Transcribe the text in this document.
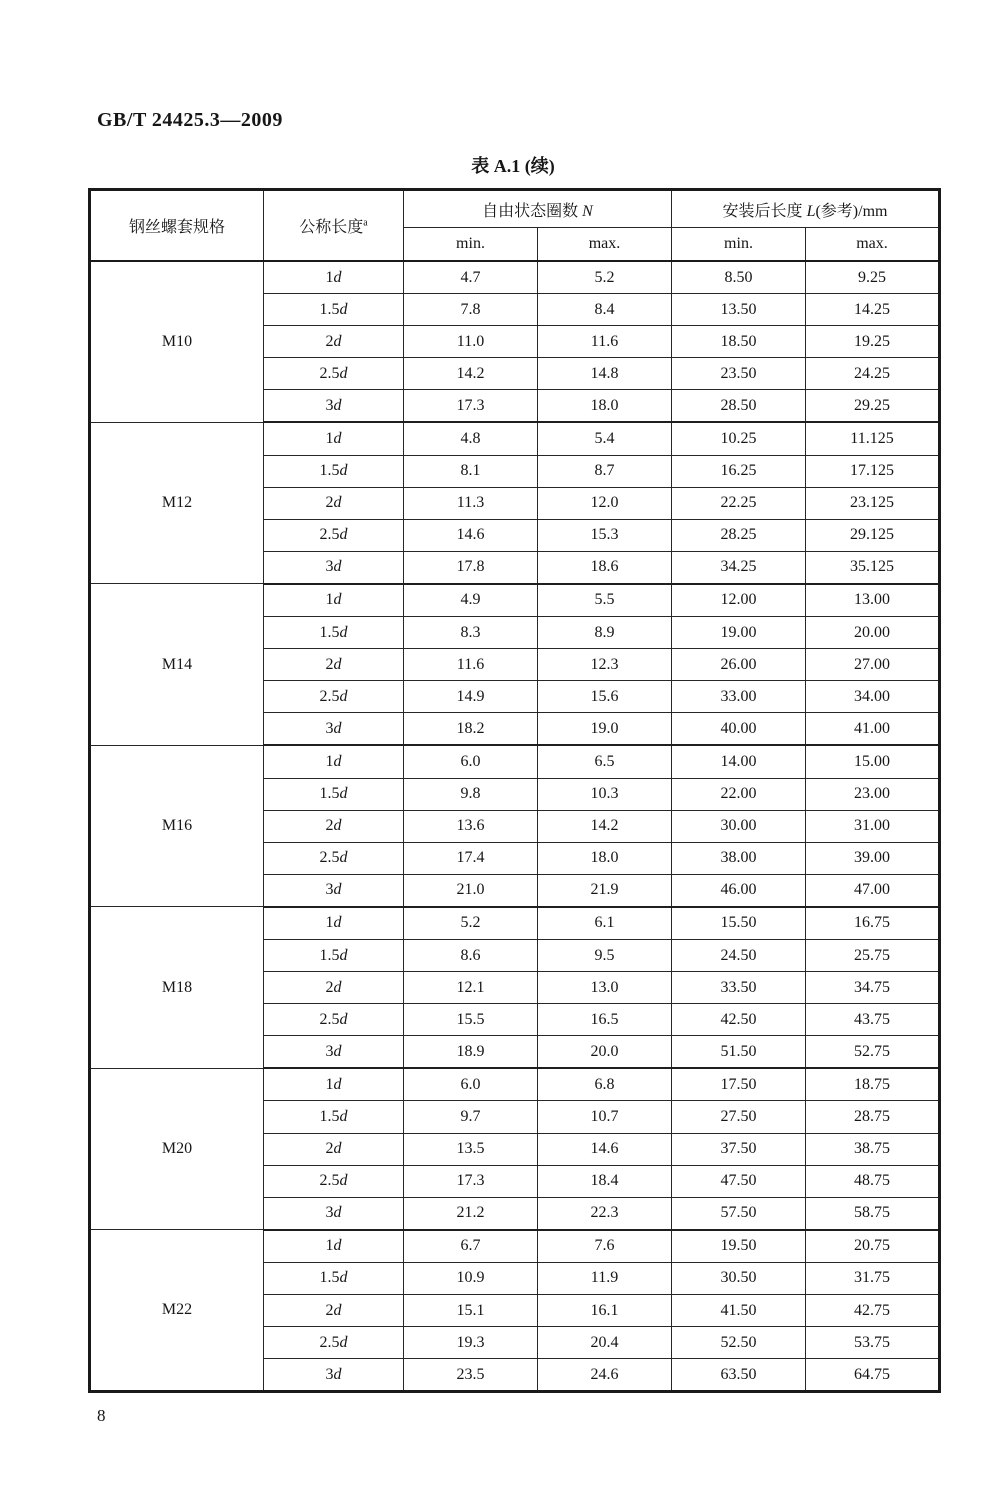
GB/T 24425.3—2009
表 A.1 (续)
钢丝螺套规格	公称长度$^a$	自由状态圈数 N		安装后长度 L(参考)/mm	
		min.	max.	min.	max.
M10	1d	4.7	5.2	8.50	9.25
	1.5d	7.8	8.4	13.50	14.25
	2d	11.0	11.6	18.50	19.25
	2.5d	14.2	14.8	23.50	24.25
	3d	17.3	18.0	28.50	29.25
M12	1d	4.8	5.4	10.25	11.125
	1.5d	8.1	8.7	16.25	17.125
	2d	11.3	12.0	22.25	23.125
	2.5d	14.6	15.3	28.25	29.125
	3d	17.8	18.6	34.25	35.125
M14	1d	4.9	5.5	12.00	13.00
	1.5d	8.3	8.9	19.00	20.00
	2d	11.6	12.3	26.00	27.00
	2.5d	14.9	15.6	33.00	34.00
	3d	18.2	19.0	40.00	41.00
M16	1d	6.0	6.5	14.00	15.00
	1.5d	9.8	10.3	22.00	23.00
	2d	13.6	14.2	30.00	31.00
	2.5d	17.4	18.0	38.00	39.00
	3d	21.0	21.9	46.00	47.00
M18	1d	5.2	6.1	15.50	16.75
	1.5d	8.6	9.5	24.50	25.75
	2d	12.1	13.0	33.50	34.75
	2.5d	15.5	16.5	42.50	43.75
	3d	18.9	20.0	51.50	52.75
M20	1d	6.0	6.8	17.50	18.75
	1.5d	9.7	10.7	27.50	28.75
	2d	13.5	14.6	37.50	38.75
	2.5d	17.3	18.4	47.50	48.75
	3d	21.2	22.3	57.50	58.75
M22	1d	6.7	7.6	19.50	20.75
	1.5d	10.9	11.9	30.50	31.75
	2d	15.1	16.1	41.50	42.75
	2.5d	19.3	20.4	52.50	53.75
	3d	23.5	24.6	63.50	64.75
8
